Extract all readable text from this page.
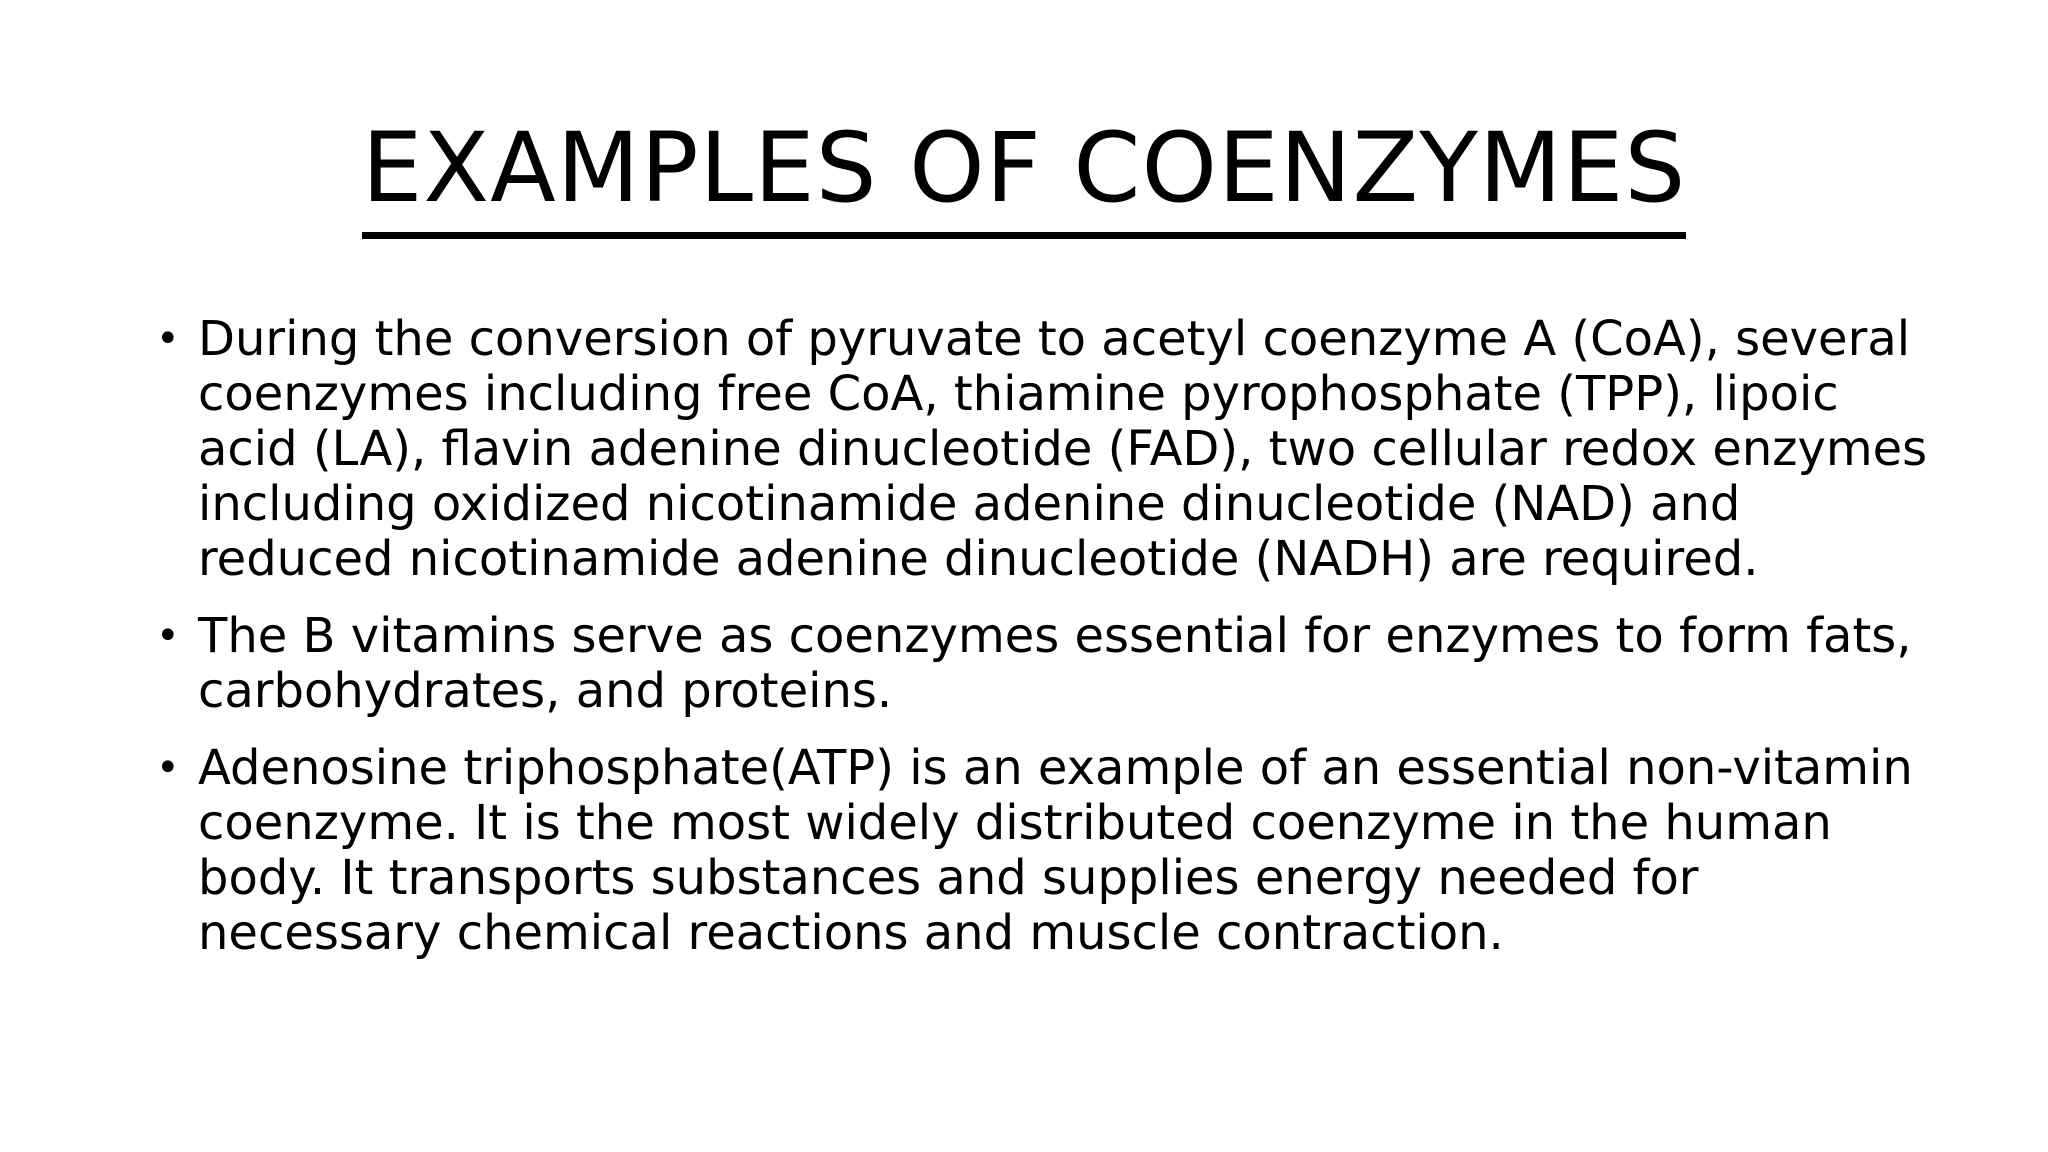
EXAMPLES OF COENZYMES
• During the conversion of pyruvate to acetyl coenzyme A (CoA), several coenzymes including free CoA, thiamine pyrophosphate (TPP), lipoic acid (LA), flavin adenine dinucleotide (FAD), two cellular redox enzymes including oxidized nicotinamide adenine dinucleotide (NAD) and reduced nicotinamide adenine dinucleotide (NADH) are required.
• The B vitamins serve as coenzymes essential for enzymes to form fats, carbohydrates, and proteins.
• Adenosine triphosphate(ATP) is an example of an essential non-vitamin coenzyme. It is the most widely distributed coenzyme in the human body. It transports substances and supplies energy needed for necessary chemical reactions and muscle contraction.
